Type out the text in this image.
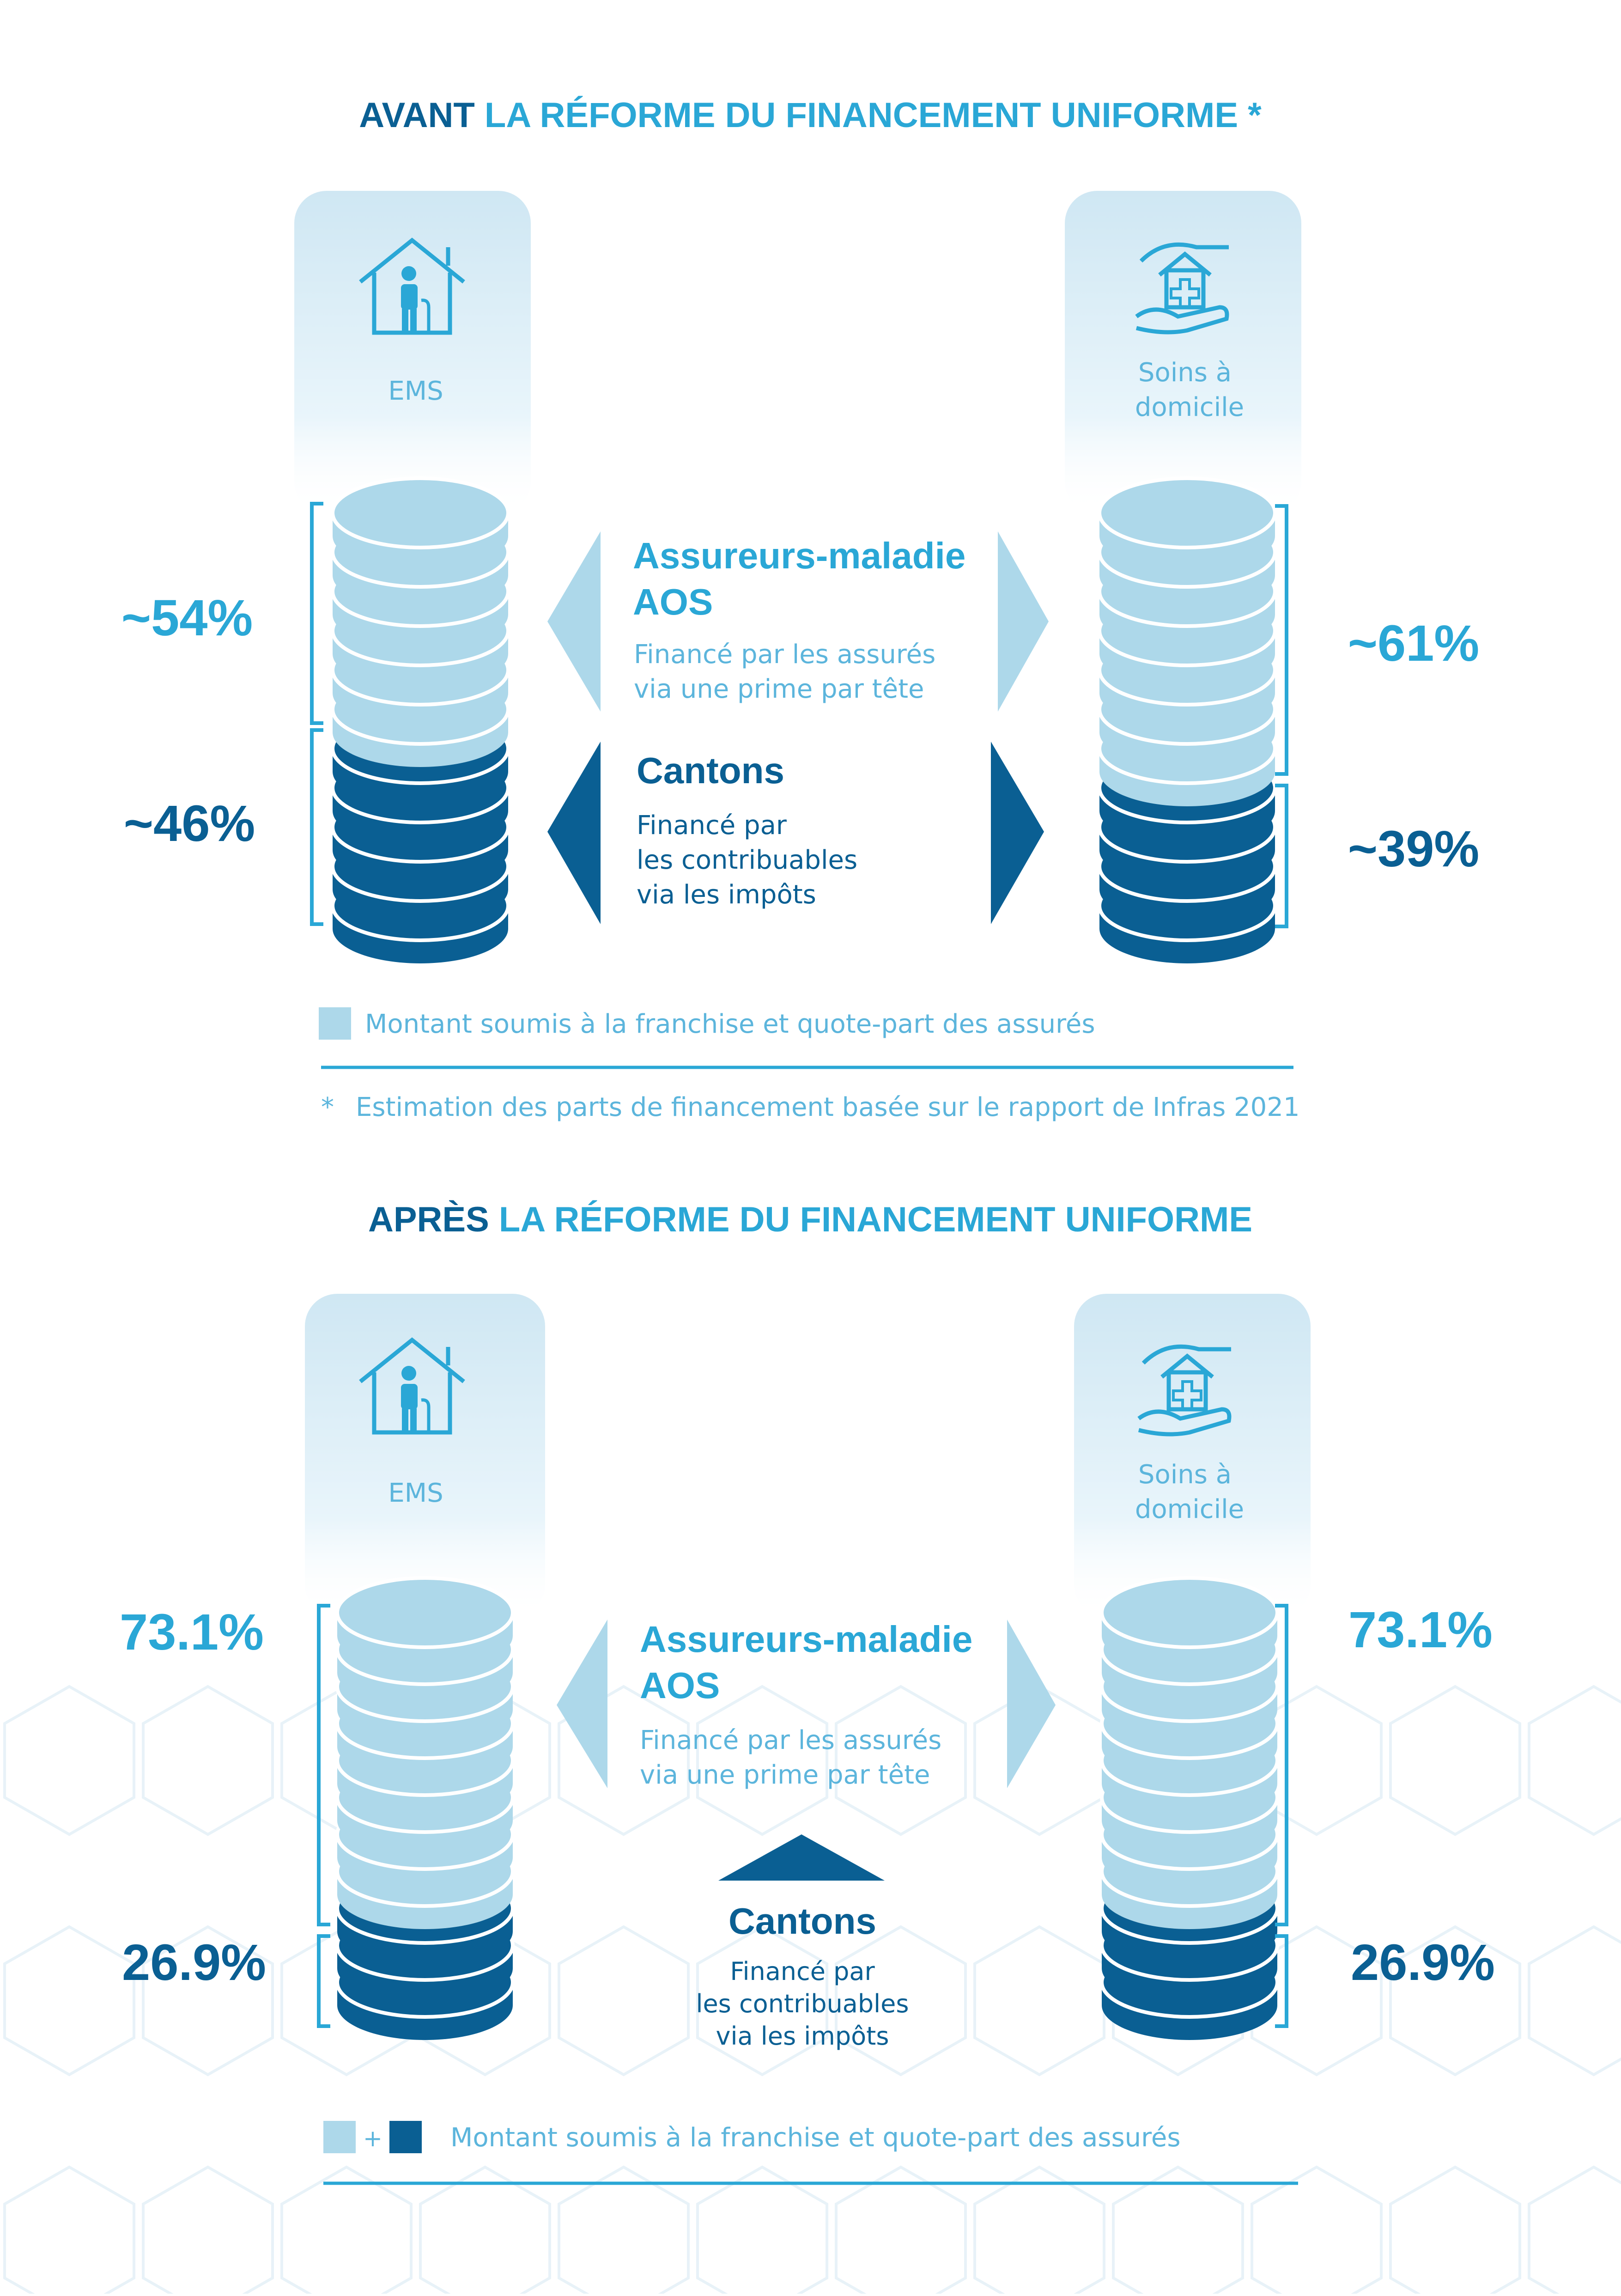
AVANT LA RÉFORME DU FINANCEMENT UNIFORME *
EMS
Soins à
domicile
~54%
~46%
~61%
~39%
Assureurs-maladie
AOS
Financé par les assurés
via une prime par tête
Cantons
Financé par
les contribuables
via les impôts
Montant soumis à la franchise et quote-part des assurés
* Estimation des parts de financement basée sur le rapport de Infras 2021
APRÈS LA RÉFORME DU FINANCEMENT UNIFORME
EMS
Soins à
domicile
73.1%
26.9%
73.1%
26.9%
Assureurs-maladie
AOS
Financé par les assurés
via une prime par tête
Cantons
Financé par
les contribuables
via les impôts
+	Montant soumis à la franchise et quote-part des assurés
